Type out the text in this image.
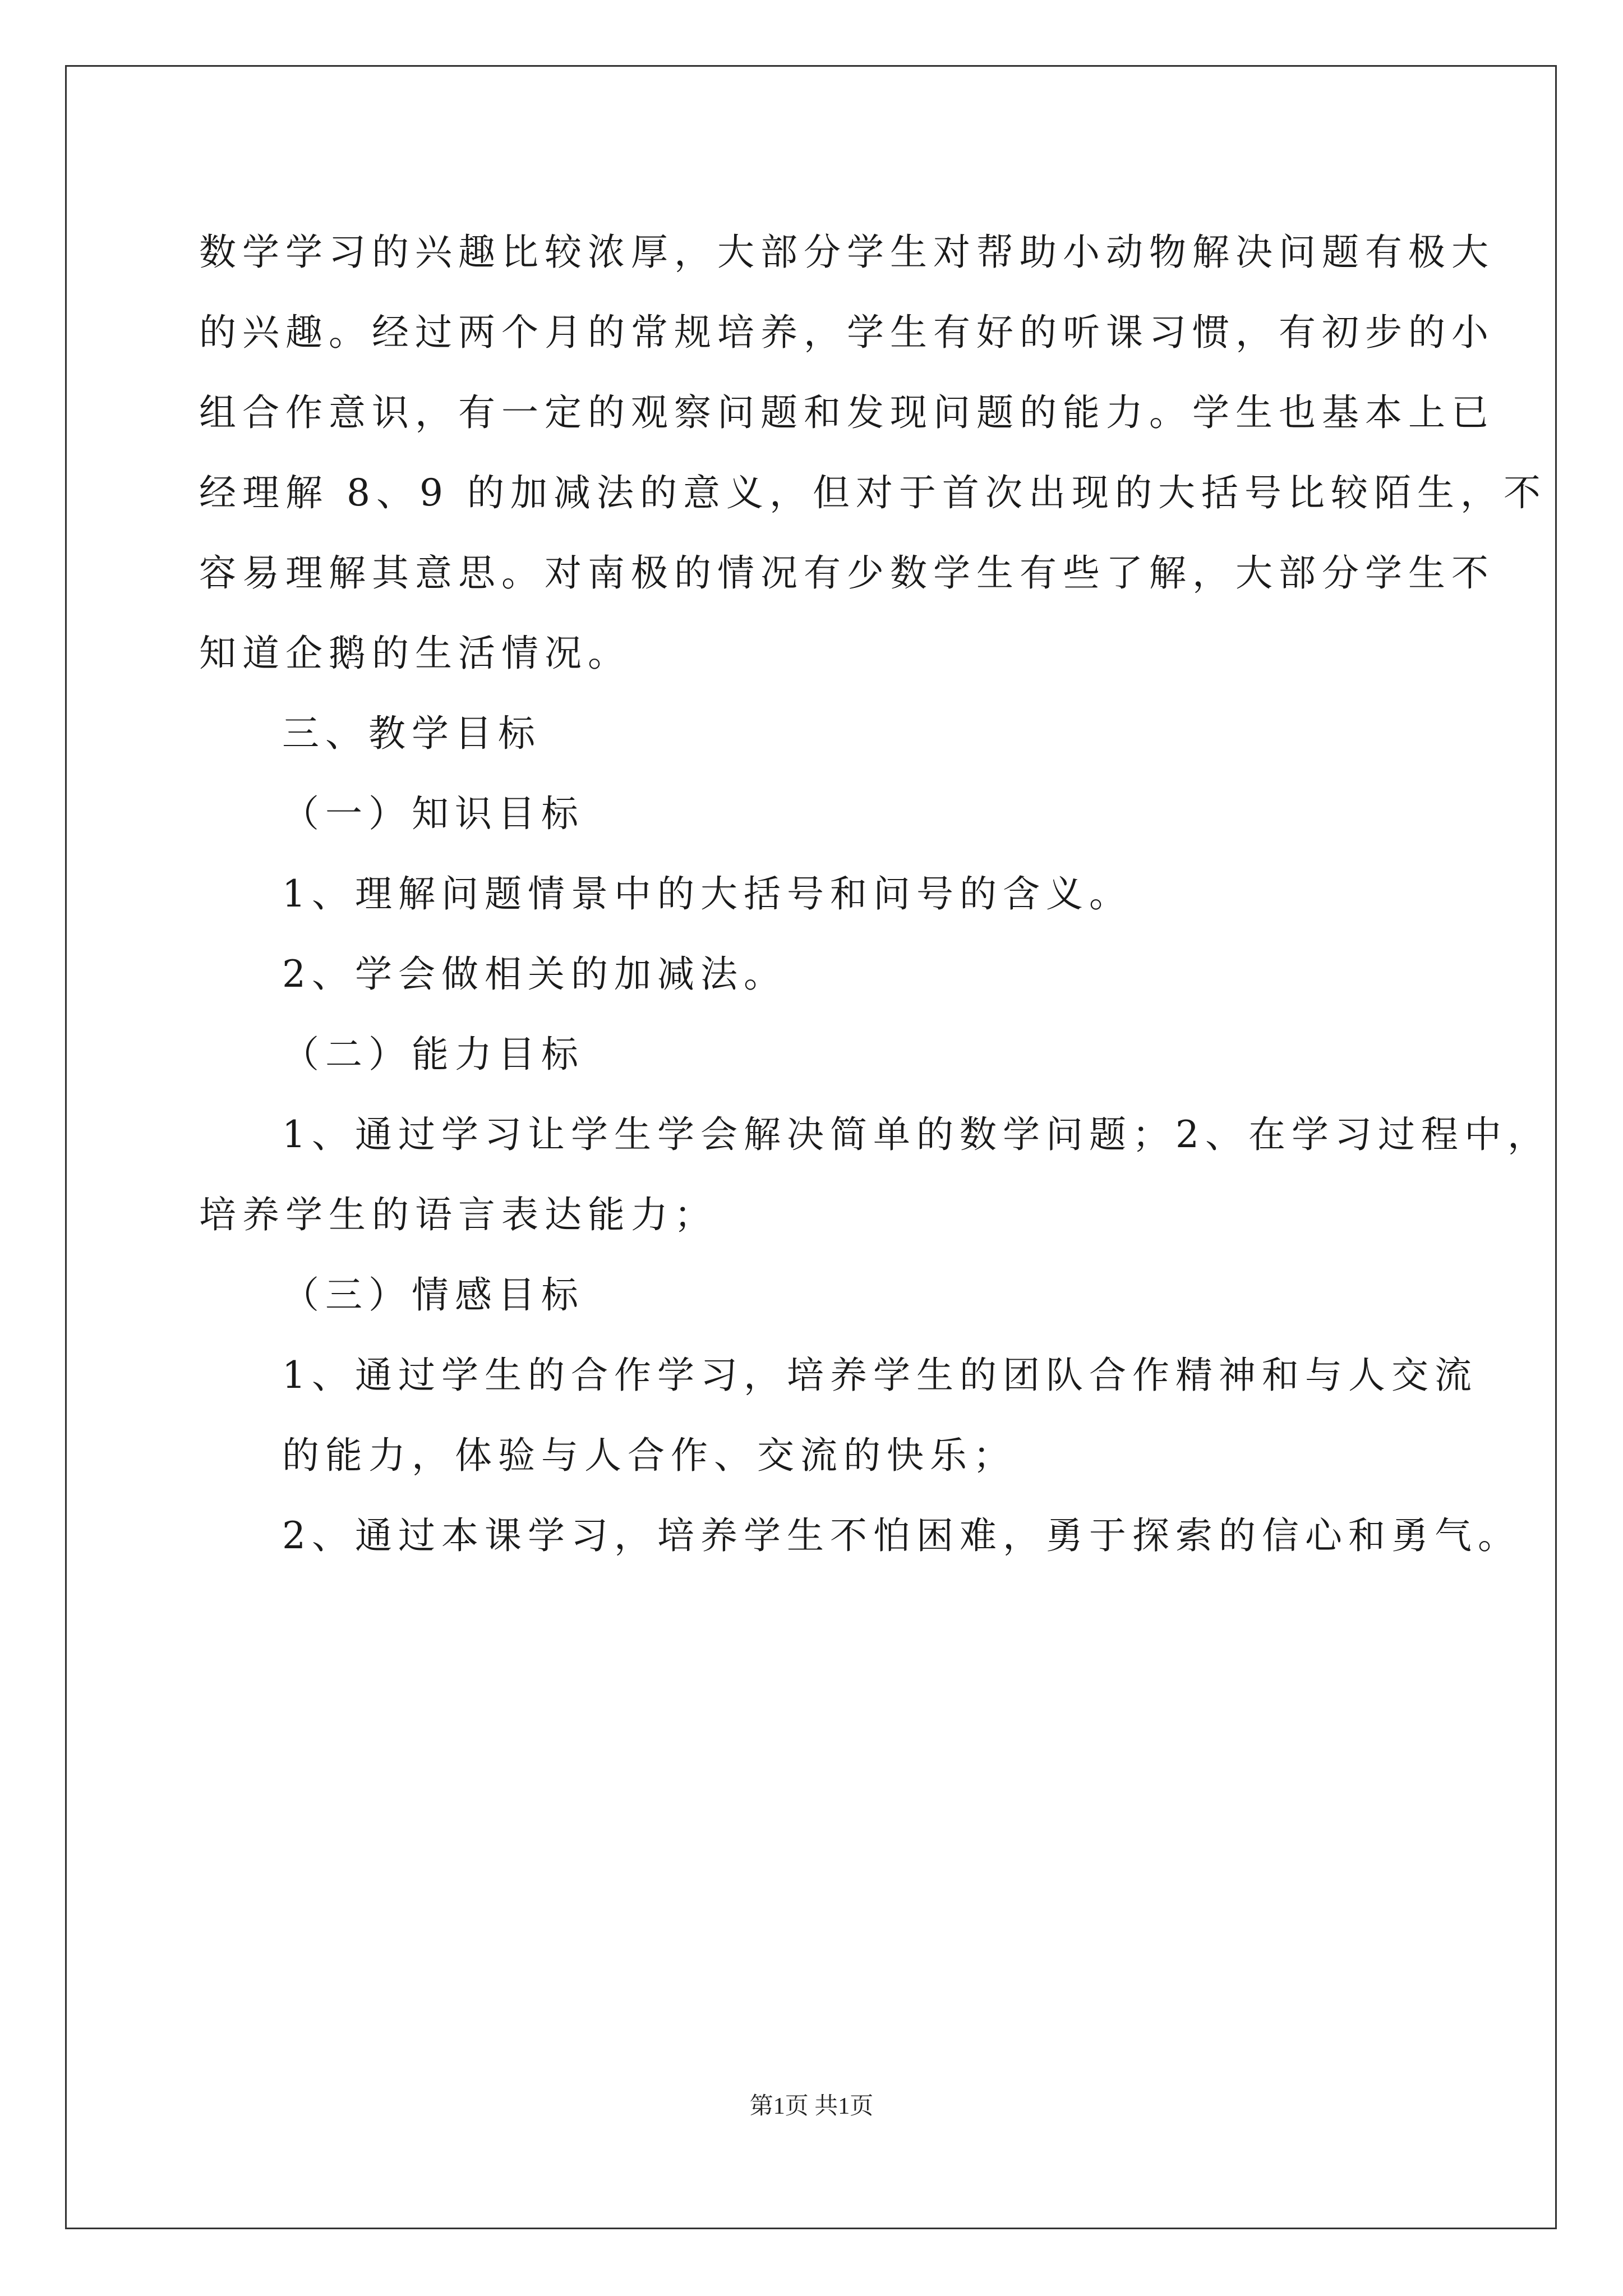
数学学习的兴趣比较浓厚，大部分学生对帮助小动物解决问题有极大
的兴趣。经过两个月的常规培养，学生有好的听课习惯，有初步的小
组合作意识，有一定的观察问题和发现问题的能力。学生也基本上已
经理解 8、9 的加减法的意义，但对于首次出现的大括号比较陌生，不
容易理解其意思。对南极的情况有少数学生有些了解，大部分学生不
知道企鹅的生活情况。
三、教学目标
（一）知识目标
1、理解问题情景中的大括号和问号的含义。
2、学会做相关的加减法。
（二）能力目标
1、通过学习让学生学会解决简单的数学问题；2、在学习过程中，
培养学生的语言表达能力；
（三）情感目标
1、通过学生的合作学习，培养学生的团队合作精神和与人交流
的能力，体验与人合作、交流的快乐；
2、通过本课学习，培养学生不怕困难，勇于探索的信心和勇气。
第1页 共1页
